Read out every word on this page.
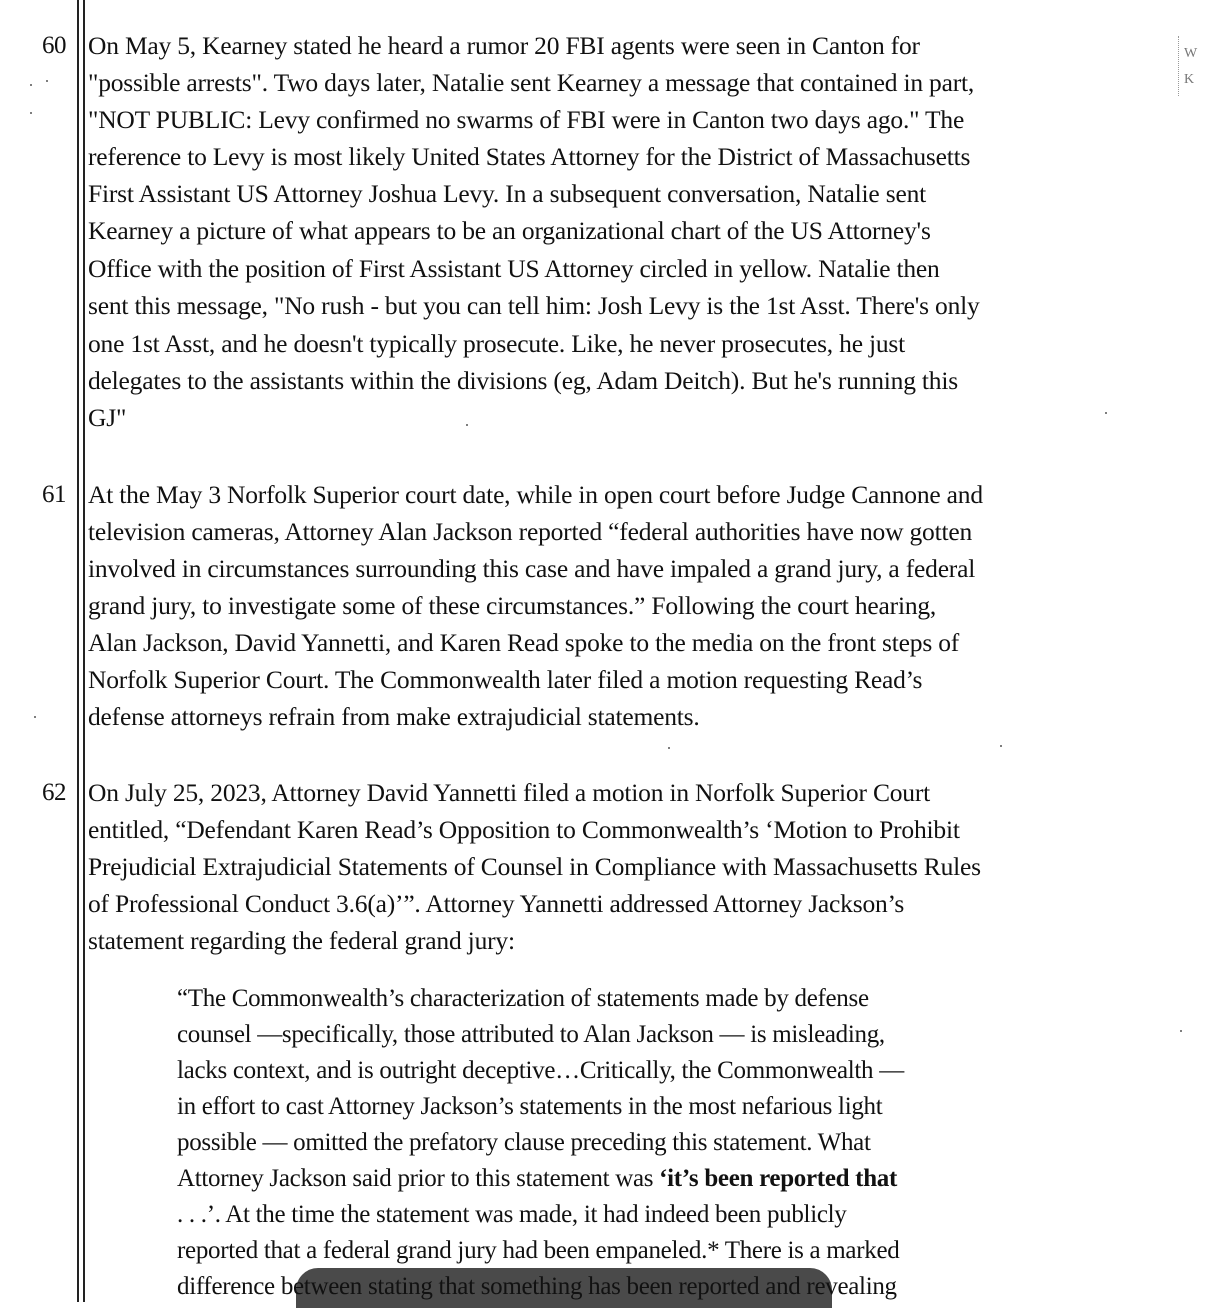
W
K
60 On May 5, Kearney stated he heard a rumor 20 FBI agents were seen in Canton for
"possible arrests". Two days later, Natalie sent Kearney a message that contained in part,
"NOT PUBLIC: Levy confirmed no swarms of FBI were in Canton two days ago." The
reference to Levy is most likely United States Attorney for the District of Massachusetts
First Assistant US Attorney Joshua Levy. In a subsequent conversation, Natalie sent
Kearney a picture of what appears to be an organizational chart of the US Attorney's
Office with the position of First Assistant US Attorney circled in yellow. Natalie then
sent this message, "No rush - but you can tell him: Josh Levy is the 1st Asst. There's only
one 1st Asst, and he doesn't typically prosecute. Like, he never prosecutes, he just
delegates to the assistants within the divisions (eg, Adam Deitch). But he's running this
GJ"
61 At the May 3 Norfolk Superior court date, while in open court before Judge Cannone and
television cameras, Attorney Alan Jackson reported “federal authorities have now gotten
involved in circumstances surrounding this case and have impaled a grand jury, a federal
grand jury, to investigate some of these circumstances.” Following the court hearing,
Alan Jackson, David Yannetti, and Karen Read spoke to the media on the front steps of
Norfolk Superior Court. The Commonwealth later filed a motion requesting Read’s
defense attorneys refrain from make extrajudicial statements.
62 On July 25, 2023, Attorney David Yannetti filed a motion in Norfolk Superior Court
entitled, “Defendant Karen Read’s Opposition to Commonwealth’s ‘Motion to Prohibit
Prejudicial Extrajudicial Statements of Counsel in Compliance with Massachusetts Rules
of Professional Conduct 3.6(a)’”. Attorney Yannetti addressed Attorney Jackson’s
statement regarding the federal grand jury:
“The Commonwealth’s characterization of statements made by defense
counsel —specifically, those attributed to Alan Jackson — is misleading,
lacks context, and is outright deceptive…Critically, the Commonwealth —
in effort to cast Attorney Jackson’s statements in the most nefarious light
possible — omitted the prefatory clause preceding this statement. What
Attorney Jackson said prior to this statement was ‘it’s been reported that
. . .’. At the time the statement was made, it had indeed been publicly
reported that a federal grand jury had been empaneled.* There is a marked
difference between stating that something has been reported and revealing
